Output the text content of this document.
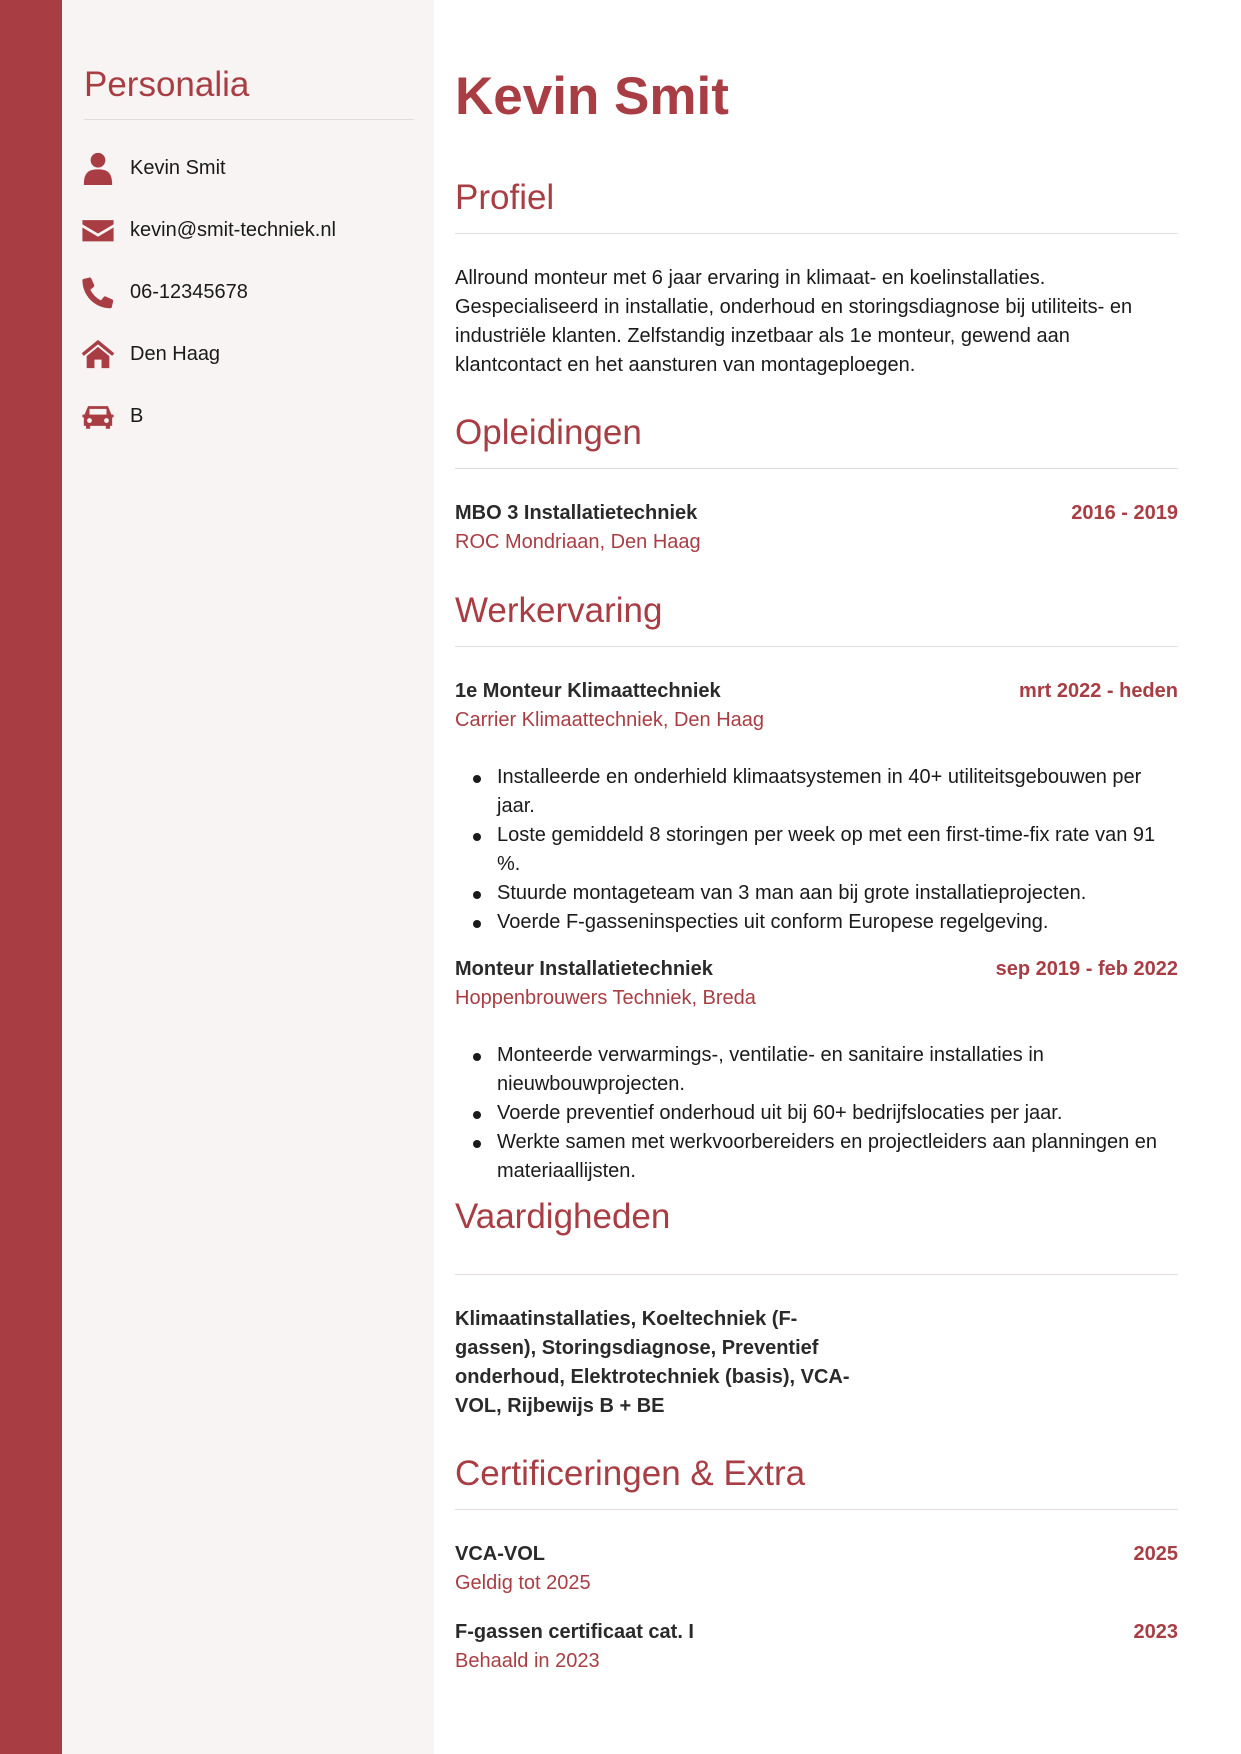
Personalia
Kevin Smit
kevin@smit-techniek.nl
06-12345678
Den Haag
B
Kevin Smit
Profiel

Allround monteur met 6 jaar ervaring in klimaat- en koelinstallaties. Gespecialiseerd in installatie, onderhoud en storingsdiagnose bij utiliteits- en industriële klanten. Zelfstandig inzetbaar als 1e monteur, gewend aan klantcontact en het aansturen van montageploegen.

Opleidingen
MBO 3 Installatietechniek	2016 - 2019
ROC Mondriaan, Den Haag
Werkervaring
1e Monteur Klimaattechniek	mrt 2022 - heden
Carrier Klimaattechniek, Den Haag
Installeerde en onderhield klimaatsystemen in 40+ utiliteitsgebouwen per jaar.
Loste gemiddeld 8 storingen per week op met een first-time-fix rate van 91 %.
Stuurde montageteam van 3 man aan bij grote installatieprojecten.
Voerde F-gasseninspecties uit conform Europese regelgeving.
Monteur Installatietechniek	sep 2019 - feb 2022
Hoppenbrouwers Techniek, Breda
Monteerde verwarmings-, ventilatie- en sanitaire installaties in nieuwbouwprojecten.
Voerde preventief onderhoud uit bij 60+ bedrijfslocaties per jaar.
Werkte samen met werkvoorbereiders en projectleiders aan planningen en materiaallijsten.
Vaardigheden

Klimaatinstallaties, Koeltechniek (F-gassen), Storingsdiagnose, Preventief onderhoud, Elektrotechniek (basis), VCA-VOL, Rijbewijs B + BE

Certificeringen & Extra
VCA-VOL	2025
Geldig tot 2025
F-gassen certificaat cat. I	2023
Behaald in 2023
